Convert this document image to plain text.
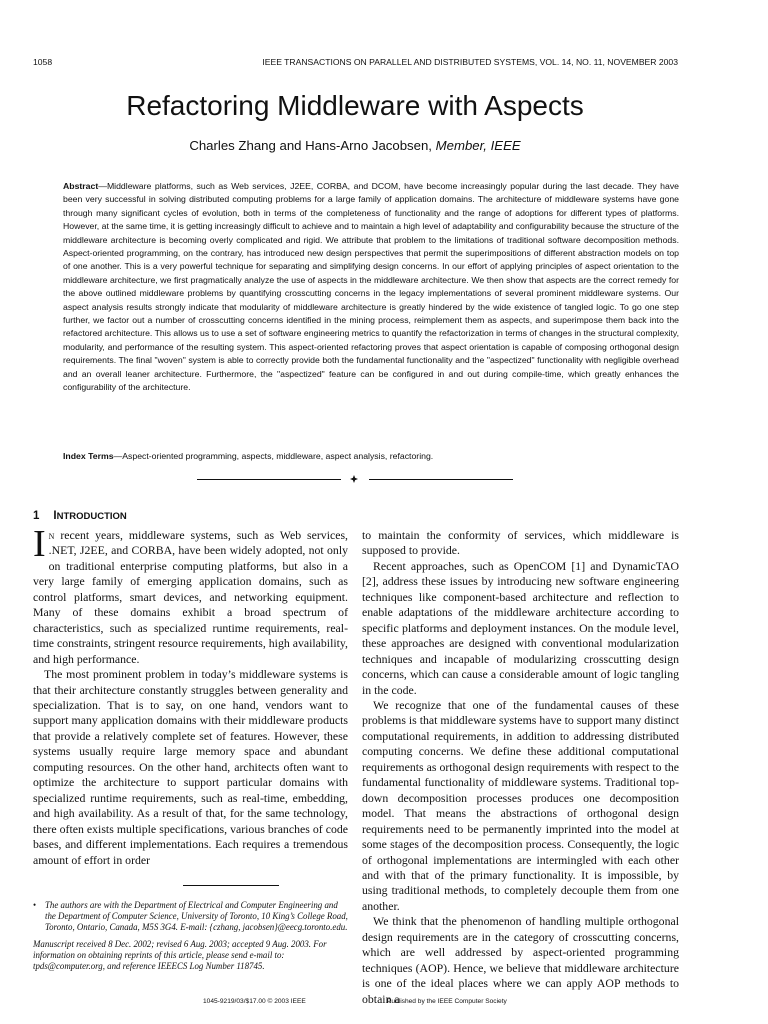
1058	IEEE TRANSACTIONS ON PARALLEL AND DISTRIBUTED SYSTEMS, VOL. 14, NO. 11, NOVEMBER 2003
Refactoring Middleware with Aspects
Charles Zhang and Hans-Arno Jacobsen, Member, IEEE

Abstract—Middleware platforms, such as Web services, J2EE, CORBA, and DCOM, have become increasingly popular during the last decade. They have been very successful in solving distributed computing problems for a large family of application domains. The architecture of middleware systems have gone through many significant cycles of evolution, both in terms of the completeness of functionality and the range of adoptions for different types of platforms. However, at the same time, it is getting increasingly difficult to achieve and to maintain a high level of adaptability and configurability because the structure of the middleware architecture is becoming overly complicated and rigid. We attribute that problem to the limitations of traditional software decomposition methods. Aspect-oriented programming, on the contrary, has introduced new design perspectives that permit the superimpositions of different abstraction models on top of one another. This is a very powerful technique for separating and simplifying design concerns. In our effort of applying principles of aspect orientation to the middleware architecture, we first pragmatically analyze the use of aspects in the middleware architecture. We then show that aspects are the correct remedy for the above outlined middleware problems by quantifying crosscutting concerns in the legacy implementations of several prominent middleware systems. Our aspect analysis results strongly indicate that modularity of middleware architecture is greatly hindered by the wide existence of tangled logic. To go one step further, we factor out a number of crosscutting concerns identified in the mining process, reimplement them as aspects, and superimpose them back into the refactored architecture. This allows us to use a set of software engineering metrics to quantify the refactorization in terms of changes in the structural complexity, modularity, and performance of the resulting system. This aspect-oriented refactoring proves that aspect orientation is capable of composing orthogonal design requirements. The final "woven" system is able to correctly provide both the fundamental functionality and the "aspectized" functionality with negligible overhead and an overall leaner architecture. Furthermore, the "aspectized" feature can be configured in and out during compile-time, which greatly enhances the configurability of the architecture.

Index Terms—Aspect-oriented programming, aspects, middleware, aspect analysis, refactoring.

1 INTRODUCTION

In recent years, middleware systems, such as Web services, .NET, J2EE, and CORBA, have been widely adopted, not only on traditional enterprise computing platforms, but also in a very large family of emerging application domains, such as control platforms, smart devices, and networking equipment. Many of these domains exhibit a broad spectrum of characteristics, such as specialized runtime requirements, real-time constraints, stringent resource requirements, high availability, and high performance.

The most prominent problem in today’s middleware systems is that their architecture constantly struggles between generality and specialization. That is to say, on one hand, vendors want to support many application domains with their middleware products that provide a relatively complete set of features. However, these systems usually require large memory space and abundant computing resources. On the other hand, architects often want to optimize the architecture to support particular domains with specialized runtime requirements, such as real-time, embedding, and high availability. As a result of that, for the same technology, there often exists multiple specifications, various branches of code bases, and different implementations. Each requires a tremendous amount of effort in order

to maintain the conformity of services, which middleware is supposed to provide.

Recent approaches, such as OpenCOM [1] and DynamicTAO [2], address these issues by introducing new software engineering techniques like component-based architecture and reflection to enable adaptations of the middleware architecture according to specific platforms and deployment instances. On the module level, these approaches are designed with conventional modularization techniques and incapable of modularizing crosscutting design concerns, which can cause a considerable amount of logic tangling in the code.

We recognize that one of the fundamental causes of these problems is that middleware systems have to support many distinct computational requirements, in addition to addressing distributed computing concerns. We define these additional computational requirements as orthogonal design requirements with respect to the fundamental functionality of middleware systems. Traditional top-down decomposition processes produces one decomposition model. That means the abstractions of orthogonal design requirements need to be permanently imprinted into the model at some stages of the decomposition process. Consequently, the logic of orthogonal implementations are intermingled with each other and with that of the primary functionality. It is impossible, by using traditional methods, to completely decouple them from one another.

We think that the phenomenon of handling multiple orthogonal design requirements are in the category of crosscutting concerns, which are well addressed by aspect-oriented programming techniques (AOP). Hence, we believe that middleware architecture is one of the ideal places where we can apply AOP methods to obtain a

• The authors are with the Department of Electrical and Computer Engineering and the Department of Computer Science, University of Toronto, 10 King’s College Road, Toronto, Ontario, Canada, M5S 3G4. E-mail: {czhang, jacobsen}@eecg.toronto.edu.
Manuscript received 8 Dec. 2002; revised 6 Aug. 2003; accepted 9 Aug. 2003. For information on obtaining reprints of this article, please send e-mail to: tpds@computer.org, and reference IEEECS Log Number 118745.
1045-9219/03/$17.00 © 2003 IEEE	Published by the IEEE Computer Society
